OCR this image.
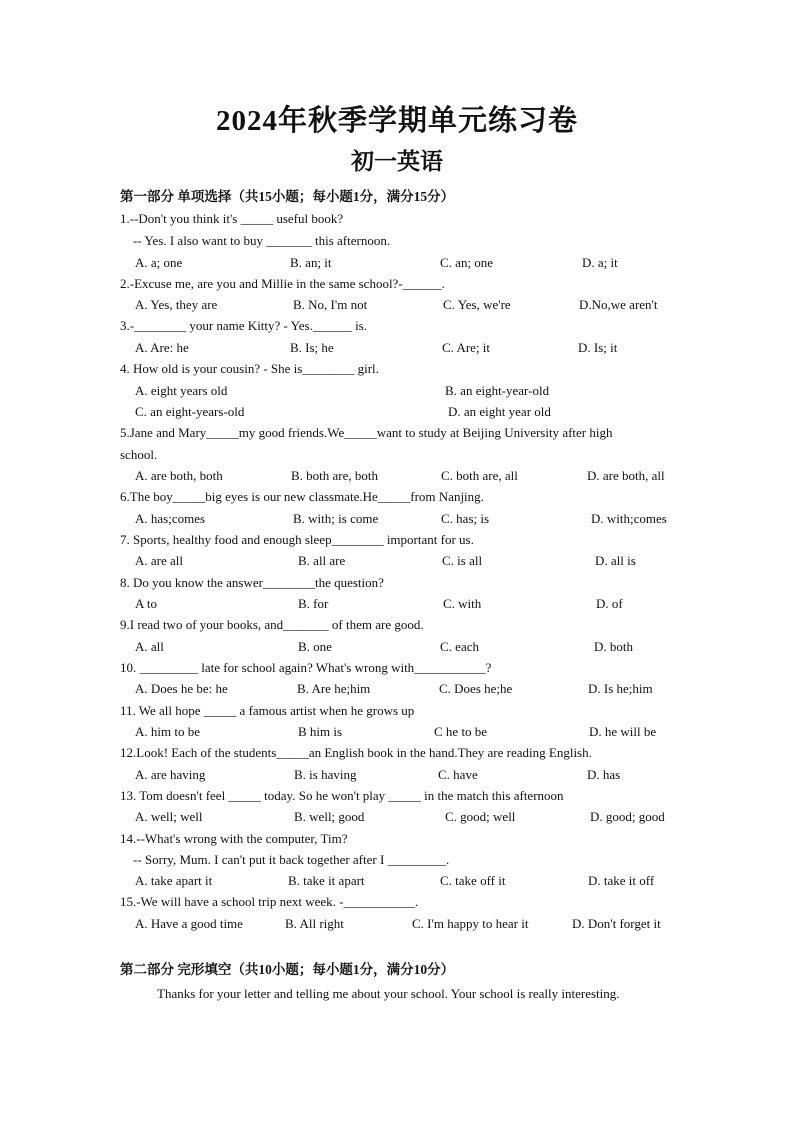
2024年秋季学期单元练习卷
初一英语
第一部分 单项选择（共15小题；每小题1分，满分15分）
1.--Don't you think it's _____ useful book?
-- Yes. I also want to buy _______ this afternoon.
A. a; one	B. an; it	C. an; one	D. a; it
2.-Excuse me, are you and Millie in the same school?-______.
A. Yes, they are	B. No, I'm not	C. Yes, we're	D.No,we aren't
3.-________ your name Kitty? - Yes.______ is.
A. Are: he	B. Is; he	C. Are; it	D. Is; it
4. How old is your cousin? - She is________ girl.
A. eight years old	B. an eight-year-old
C. an eight-years-old	D. an eight year old
5.Jane and Mary_____my good friends.We_____want to study at Beijing University after high
school.
A. are both, both	B. both are, both	C. both are, all	D. are both, all
6.The boy_____big eyes is our new classmate.He_____from Nanjing.
A. has;comes	B. with; is come	C. has; is	D. with;comes
7. Sports, healthy food and enough sleep________ important for us.
A. are all	B. all are	C. is all	D. all is
8. Do you know the answer________the question?
A to	B. for	C. with	D. of
9.I read two of your books, and_______ of them are good.
A. all	B. one	C. each	D. both
10. _________ late for school again? What's wrong with___________?
A. Does he be: he	B. Are he;him	C. Does he;he	D. Is he;him
11. We all hope _____ a famous artist when he grows up
A. him to be	B him is	C he to be	D. he will be
12.Look! Each of the students_____an English book in the hand.They are reading English.
A. are having	B. is having	C. have	D. has
13. Tom doesn't feel _____ today. So he won't play _____ in the match this afternoon
A. well; well	B. well; good	C. good; well	D. good; good
14.--What's wrong with the computer, Tim?
-- Sorry, Mum. I can't put it back together after I _________.
A. take apart it	B. take it apart	C. take off it	D. take it off
15.-We will have a school trip next week. -___________.
A. Have a good time	B. All right	C. I'm happy to hear it	D. Don't forget it
第二部分 完形填空（共10小题；每小题1分，满分10分）
Thanks for your letter and telling me about your school. Your school is really interesting.
